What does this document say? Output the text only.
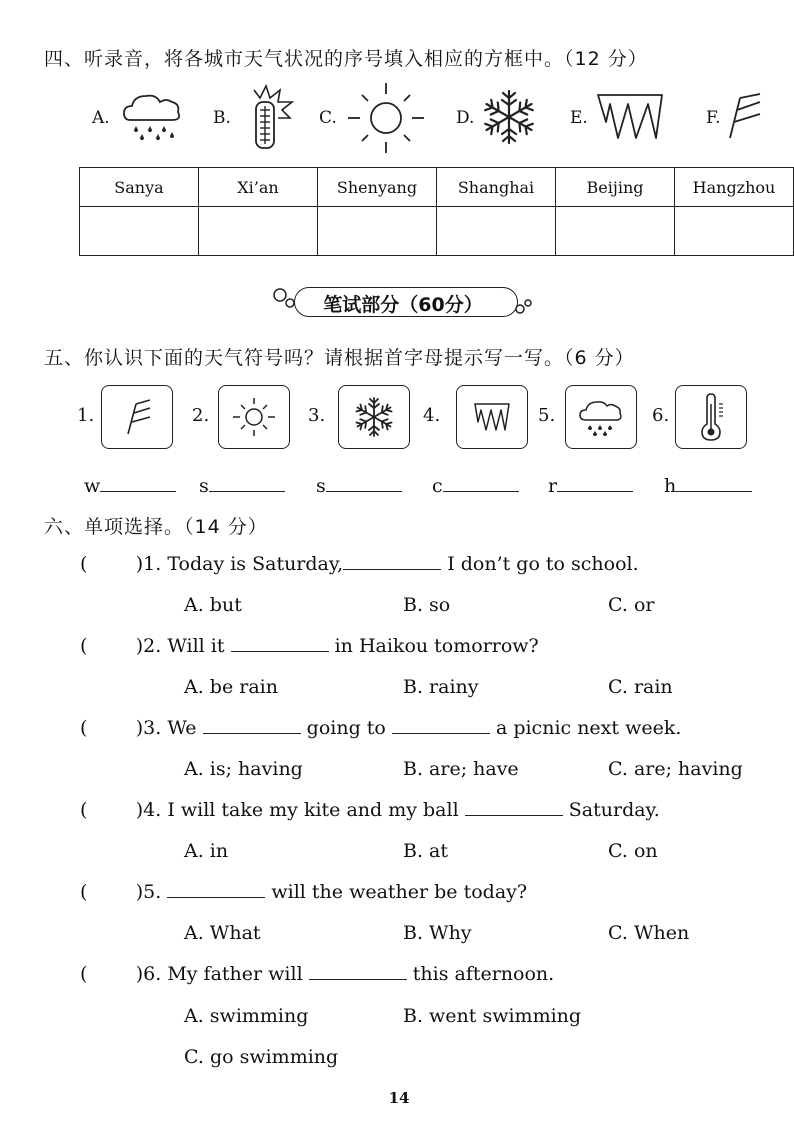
四、听录音，将各城市天气状况的序号填入相应的方框中。（12 分）
A.	B.	C.	D.	E.	F.
Sanya	Xi’an	Shenyang	Shanghai	Beijing	Hangzhou

笔试部分（60分）
五、你认识下面的天气符号吗？请根据首字母提示写一写。（6 分）
1.	2.	3.	4.	5.	6.
w	s	s	c	r	h
六、单项选择。（14 分）
(        )1. Today is Saturday,	I don’t go to school.
A. but	B. so	C. or
(        )2. Will it	in Haikou tomorrow?
A. be rain	B. rainy	C. rain
(        )3. We	going to	a picnic next week.
A. is; having	B. are; have	C. are; having
(        )4. I will take my kite and my ball	Saturday.
A. in	B. at	C. on
(        )5.	will the weather be today?
A. What	B. Why	C. When
(        )6. My father will	this afternoon.
A. swimming	B. went swimming
C. go swimming
14
